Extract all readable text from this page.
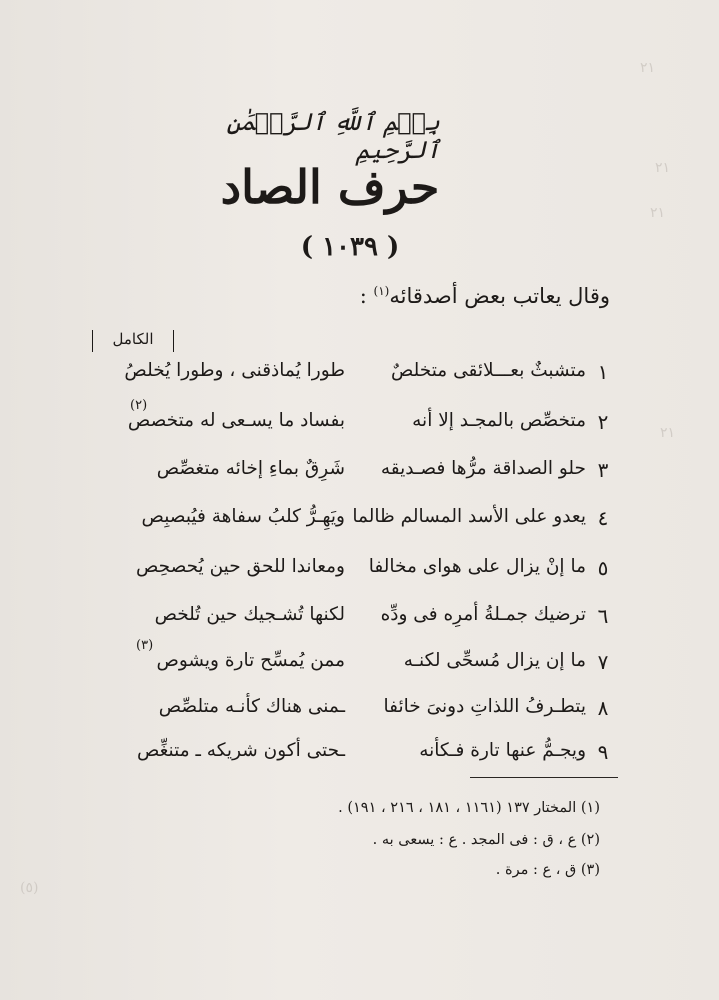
٢١
٢١
٢١
٢١
(٥)
بِسۡمِ ٱللَّهِ ٱلرَّحۡمَٰنِ ٱلرَّحِيمِ
حرف الصاد
( ١٠٣٩ )
وقال يعاتب بعض أصدقائه$^{(١)}$ :
الكامل
١
متشبثٌ بعـــلائقى متخلصٌ
طورا يُماذقنى ، وطورا يُخلصُ
٢
متخصِّص بالمجـد إلا أنه
بفساد ما يسـعى له متخصص
(٢)
٣
حلو الصداقة مرُّها فصـديقه
شَرِقٌ بماءِ إخائه متغصِّص
٤
يعدو على الأسد المسالم ظالما
ويَهِـرُّ كلبُ سفاهة فيُبصبِص
٥
ما إنْ يزال على هواى مخالفا
ومعاندا للحق حين يُحصحِص
٦
ترضيك جمـلةُ أمرِه فى ودِّه
لكنها تُشـجيك حين تُلخص
٧
ما إن يزال مُسحِّى لكنـه
ممن يُمسِّح تارة ويشوص
(٣)
٨
يتطـرفُ اللذاتِ دونىَ خائفا
ـمنى هناك كأنـه متلصِّص
٩
ويجـمُّ عنها تارة فـكأنه
ـحتى أكون شريكه ـ متنغِّص
(١) المختار ١٣٧ (١١٦١ ، ١٨١ ، ٢١٦ ، ١٩١) .
(٢) ع ، ق : فى المجد . ع : يسعى به .
(٣) ق ، ع : مرة .
